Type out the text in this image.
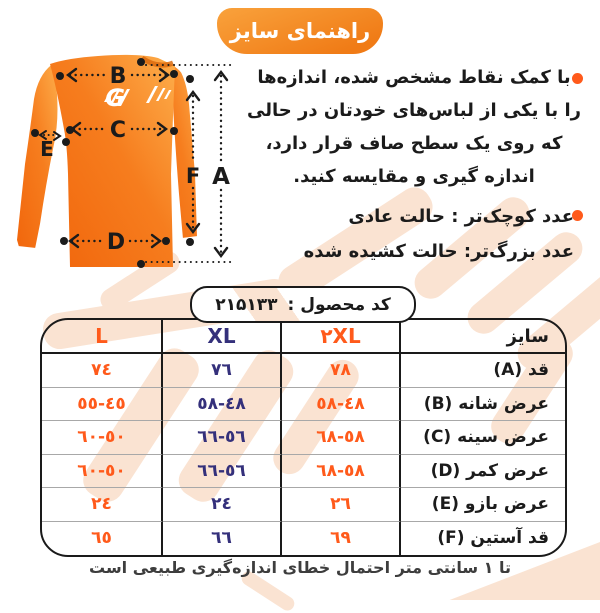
راهنمای سایز
G
B
C
D
E
F A
با کمک نقاط مشخص شده، اندازه‌ها
را با یکی از لباس‌های خودتان در حالی
که روی یک سطح صاف قرار دارد،
اندازه گیری و مقایسه کنید.
عدد کوچک‌تر : حالت عادی
عدد بزرگ‌تر: حالت کشیده شده
کد محصول :
۲۱۵۱۳۳
سایز
۲XL
XL
L
قد (A)
٧٨
٧٦
٧٤
عرض شانه (B)
٤٨-٥٨
٤٨-٥٨
٤٥-٥٥
عرض سینه (C)
٥٨-٦٨
٥٦-٦٦
٥٠-٦٠
عرض کمر (D)
٥٨-٦٨
٥٦-٦٦
٥٠-٦٠
عرض بازو (E)
٢٦
٢٤
٢٤
قد آستین (F)
٦٩
٦٦
٦٥
تا ۱ سانتی متر احتمال خطای اندازه‌گیری طبیعی است
